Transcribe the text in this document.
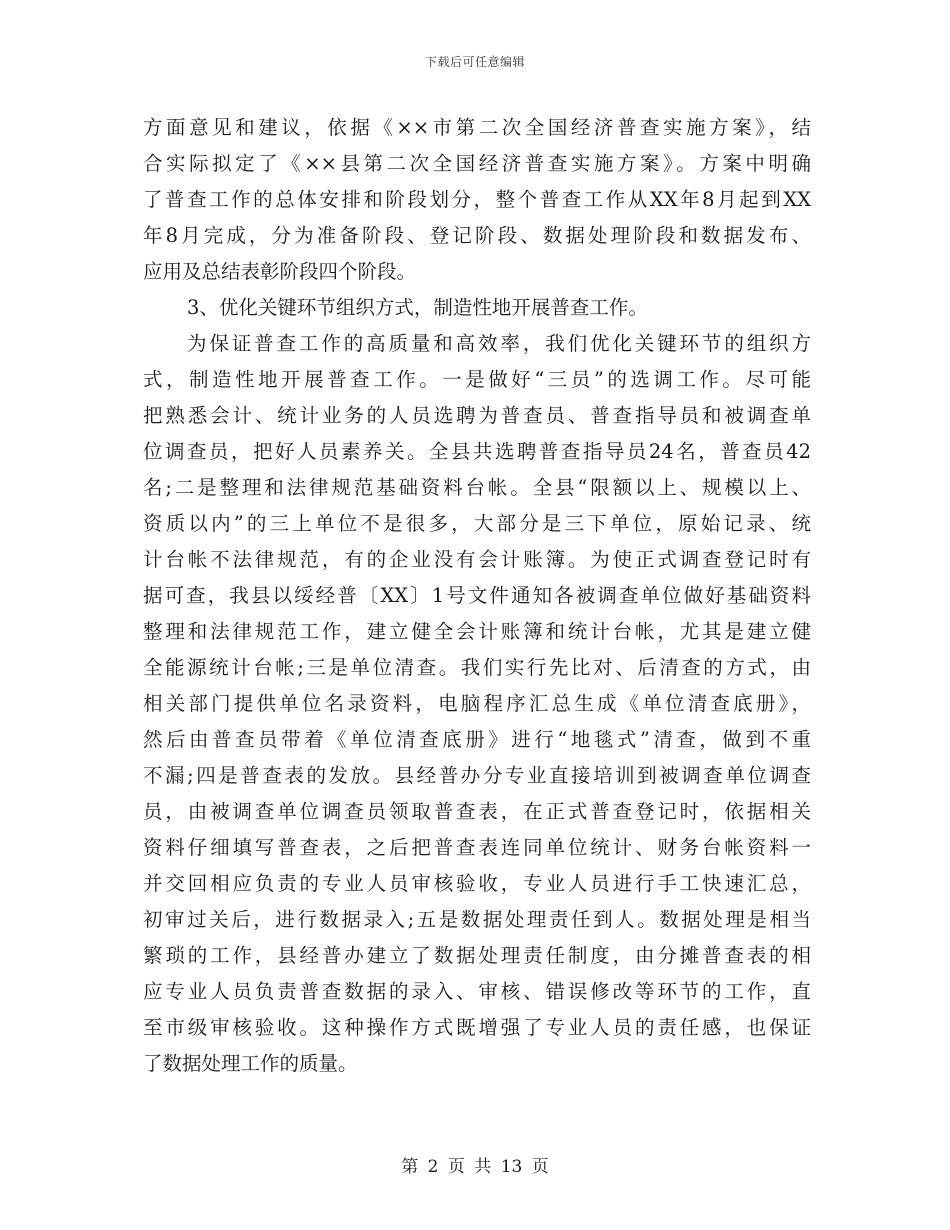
下载后可任意编辑
方面意见和建议，依据《××市第二次全国经济普查实施方案》，结
合实际拟定了《××县第二次全国经济普查实施方案》。方案中明确
了普查工作的总体安排和阶段划分，整个普查工作从XX年8月起到XX
年8月完成，分为准备阶段、登记阶段、数据处理阶段和数据发布、
应用及总结表彰阶段四个阶段。
3、优化关键环节组织方式，制造性地开展普查工作。
为保证普查工作的高质量和高效率，我们优化关键环节的组织方
式，制造性地开展普查工作。一是做好“三员”的选调工作。尽可能
把熟悉会计、统计业务的人员选聘为普查员、普查指导员和被调查单
位调查员，把好人员素养关。全县共选聘普查指导员24名，普查员42
名;二是整理和法律规范基础资料台帐。全县“限额以上、规模以上、
资质以内”的三上单位不是很多，大部分是三下单位，原始记录、统
计台帐不法律规范，有的企业没有会计账簿。为使正式调查登记时有
据可查，我县以绥经普〔XX〕1号文件通知各被调查单位做好基础资料
整理和法律规范工作，建立健全会计账簿和统计台帐，尤其是建立健
全能源统计台帐;三是单位清查。我们实行先比对、后清查的方式，由
相关部门提供单位名录资料，电脑程序汇总生成《单位清查底册》，
然后由普查员带着《单位清查底册》进行“地毯式”清查，做到不重
不漏;四是普查表的发放。县经普办分专业直接培训到被调查单位调查
员，由被调查单位调查员领取普查表，在正式普查登记时，依据相关
资料仔细填写普查表，之后把普查表连同单位统计、财务台帐资料一
并交回相应负责的专业人员审核验收，专业人员进行手工快速汇总，
初审过关后，进行数据录入;五是数据处理责任到人。数据处理是相当
繁琐的工作，县经普办建立了数据处理责任制度，由分摊普查表的相
应专业人员负责普查数据的录入、审核、错误修改等环节的工作，直
至市级审核验收。这种操作方式既增强了专业人员的责任感，也保证
了数据处理工作的质量。
第 2 页 共 13 页
